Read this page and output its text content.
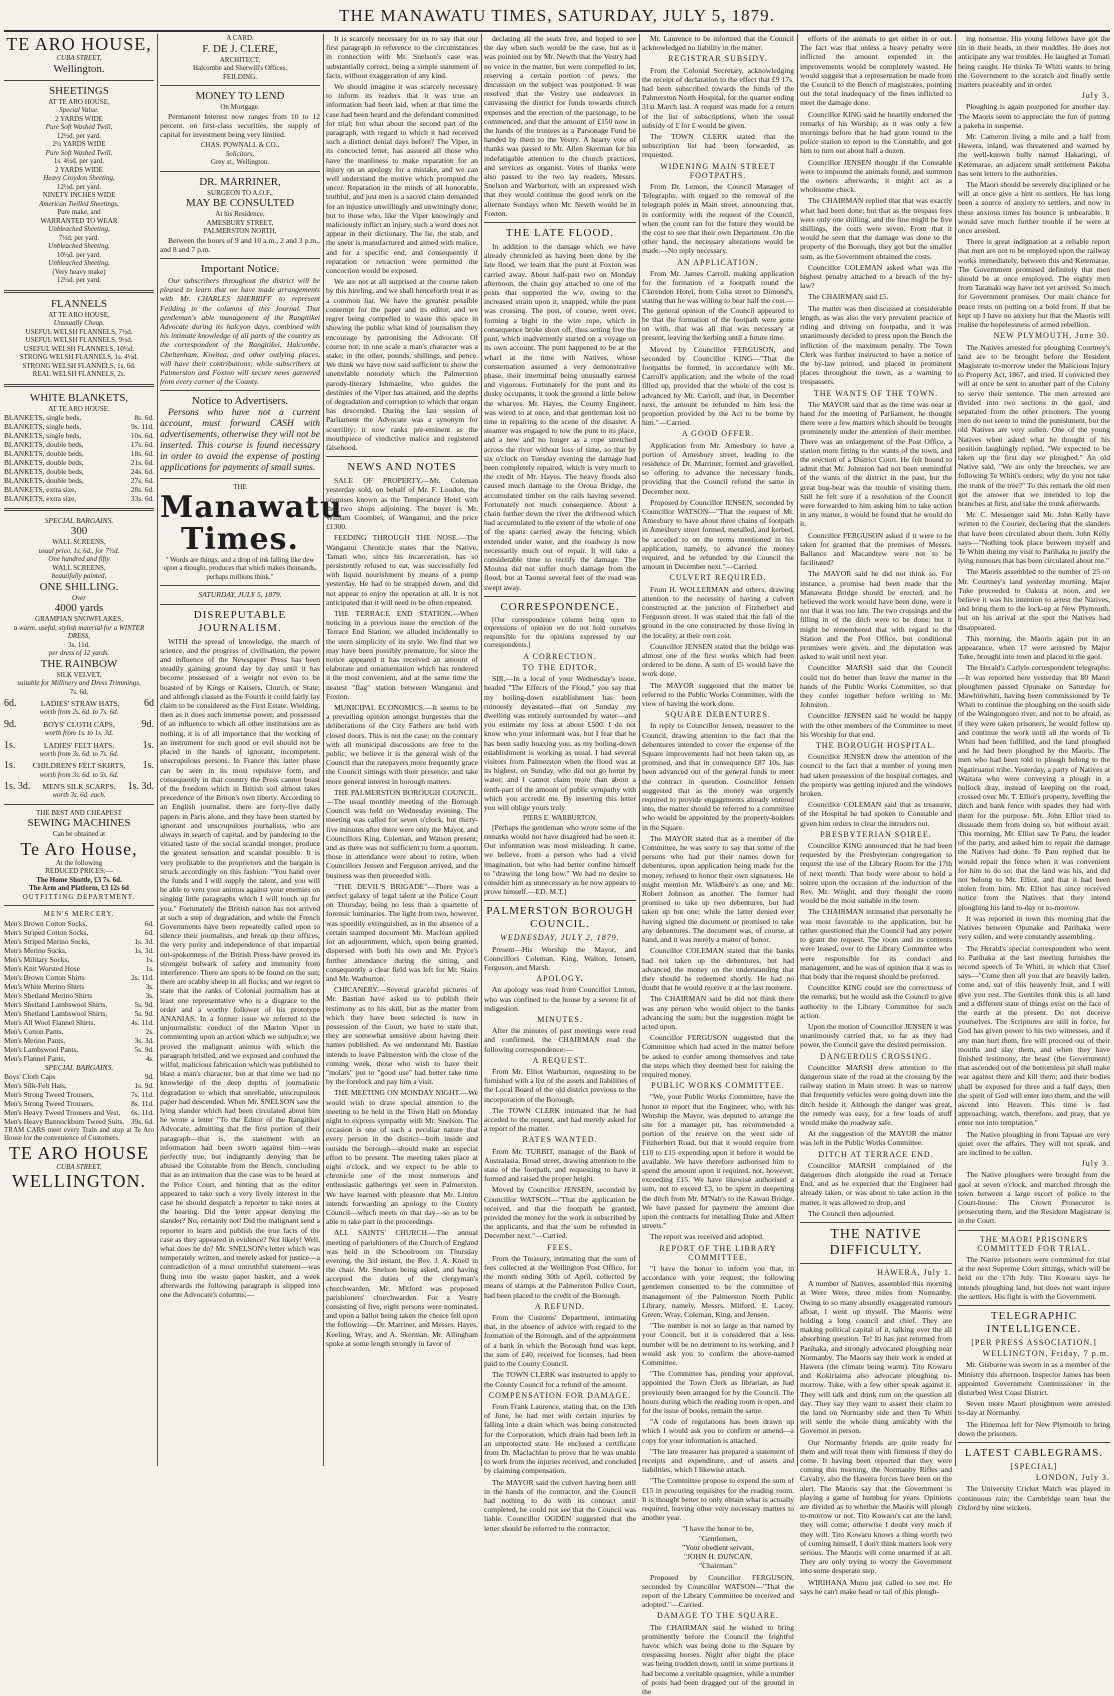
THE MANAWATU TIMES, SATURDAY, JULY 5, 1879.
TE ARO HOUSE,
CUBA STREET,
Wellington.
SHEETINGS
AT TE ARO HOUSE,
Special Value.
2 YARDS WIDE
Pure Soft Washed Twill,
12½d. per yard.
2¼ YARDS WIDE
Pure Soft Washed Twill,
1s. 4½d. per yard.
2 YARDS WIDE
Heavy Croydon Sheeting,
12½d. per yard.
NINETY INCHES WIDE
American Twilled Sheetings,
Pure make, and
WARRANTED TO WEAR
Unbleached Sheeting,
7½d. per yard.
Unbleached Sheeting,
10½d. per yard.
Unbleached Sheeting,
(Very heavy make)
12½d. per yard.
FLANNELS
AT TE ARO HOUSE,
Unusually Cheap.
USEFUL WELSH FLANNELS, 7½d.
USEFUL WELSH FLANNELS, 9½d.
USEFUL WELSH FLANNELS, 10½d.
STRONG WELSH FLANNELS, 1s. 4½d.
STRONG WELSH FLANNELS, 1s. 6d.
REAL WELSH FLANNELS, 2s.
WHITE BLANKETS,
AT TE ARO HOUSE.
BLANKETS, single beds,	8s. 6d.
BLANKETS, single beds,	9s. 11d.
BLANKETS, single beds,	10s. 6d.
BLANKETS, double beds,	17s. 6d.
BLANKETS, double beds,	18s. 6d.
BLANKETS, double beds,	21s. 6d.
BLANKETS, double beds,	24s. 6d.
BLANKETS, double beds,	27s. 6d.
BLANKETS, extra size,	28s. 6d.
BLANKETS, extra size,	33s. 6d.
SPECIAL BARGAINS.
300
WALL SCREENS,
usual price, 1s. 6d., for 7½d.
One hundred and fifty
WALL SCREENS,
beautifully painted,
ONE SHILLING.
Over
4000 yards
GRAMPIAN SNOWFLAKES,
a warm, useful, stylish material for a WINTER DRESS,
3s. 11d.
per dress of 12 yards.
THE RAINBOW
SILK VELVET,
suitable for Millinery and Dress Trimmings,
7s. 6d.
6d.	LADIES' STRAW HATS, 6d
worth from 2s. 6d. to 7s. 6d.
9d.	BOYS' CLOTH CAPS,	9d.
worth from 1s. to 1s. 3d.
1s.	LADIES' FELT HATS,	1s.
worth from 3s. 6d. to 7s. 6d.
1s. CHILDREN'S FELT SKIRTS, 1s.
worth from 3s. 6d. to 5s. 6d.
1s. 3d. MEN'S SILK SCARFS, 1s. 3d.
worth 3s. 6d. each.
THE BEST AND CHEAPEST
SEWING MACHINES
Can be obtained at
Te Aro House,
At the following
REDUCED PRICES:—
The Home Shuttle, £3 7s. 6d.
The Arm and Platform, £3 12s 6d
OUTFITTING DEPARTMENT.
MEN'S MERCERY.
Men's Brown Cotton Socks,	6d.
Men's Striped Cotton Socks,	6d.
Men's Striped Merino Socks,	1s. 3d.
Men's Merino Socks,	1s. 3d.
Men's Military Socks,	1s.
Men's Knit Worsted Hose	1s.
Men's Brown Cotton Shirts	2s. 11d.
Men's White Merino Shirts	3s.
Men's Shetland Merino Shirts	3s.
Men's Shetland Lambswool Shirts,	5s. 9d.
Men's Shetland Lambswool Shirts,	5s. 9d.
Men's All Wool Flannel Shirts,	4s. 11d.
Men's Cotton Pants,	2s.
Men's Merino Pants,	3s. 3d.
Men's Lambswool Pants,	5s. 9d.
Men's Flannel Pants,	4s.
SPECIAL BARGAINS.
Boys' Cloth Caps	9d.
Men's Silk-Felt Hats,	1s. 9d.
Men's Strong Tweed Trousers,	7s. 11d.
Men's Strong Tweed Trousers,	8s. 11d.
Men's Heavy Tweed Trousers and Vest, 6s. 11d.
Men's Heavy Bannockburn Tweed Suits, 39s. 6d.
TRAM CARS meet every Train and stop at Te Aro House for the convenience of Customers.
TE ARO HOUSE
CUBA STREET,
WELLINGTON.
A CARD.
F. DE J. CLERE,
ARCHITECT,
Halcombe and Sherwill's Offices,
FEILDING.
MONEY TO LEND
On Mortgage.

Permanent Interest now ranges from 10 to 12 percent. on first-class securities, the supply of capital for investment being very limited.

CHAS. POWNALL & CO.,
Solicitors,
Grey st., Wellington.
DR. MARRINER,
SURGEON TO A.O.F.,
MAY BE CONSULTED
At his Residence,
AMESBURY STREET,
PALMERSTON NORTH,

Between the hours of 9 and 10 a.m., 2 and 3 p.m., and 8 and 7 p.m.

Important Notice.

Our subscribers throughout the district will be pleased to learn that we have made arrangements with Mr. CHARLES SHERRIFF to represent Feilding in the columns of this Journal. That gentleman's able management of the Rangitikei Advocate during its halcyon days, combined with his intimate knowledge of all parts of the country as the correspondent of the Rangitikei, Halcombe, Cheltenham, Kiwitea, and other outlying places, will have their contributions; while subscribers at Palmerston and Foxton will secure news garnered from every corner of the County.

Notice to Advertisers.

Persons who have not a current account, must forward CASH with advertisements, otherwise they will not be inserted. This course is found necessary in order to avoid the expense of posting applications for payments of small sums.

THE
Manawatu Times.
" Words are things, and a drop of ink falling like dew upon a thought, produces that which makes thousands, perhaps millions think."
SATURDAY, JULY 5, 1879.
DISREPUTABLE JOURNALISM.

WITH the spread of knowledge, the march of science, and the progress of civilisation, the power and influence of the Newspaper Press has been steadily gaining ground day by day until it has become possessed of a weight not even to be boasted of by Kings or Kaisers, Church, or State; and although classed as the Fourth it could fairly lay claim to be considered as the First Estate. Wielding, then as it does such immense power, and possessed of an influence to which all other institutions are as nothing, it is of all importance that the working of an instrument for such good or evil should not be placed in the hands of ignorant, incompetent, unscrupulous persons. In France this latter phase can be seen in its most repulsive form, and consequently in that country the Press cannot boast of the freedom which in British soil almost takes precedence of the Briton's own liberty. According to an English journalist, there are forty-five daily papers in Paris alone, and they have been started by ignorant and unscrupulous journalists, who are always in search of capital, and by pandering to the vitiated taste of the social scandal monger, produce the greatest sensation and scandal possible. It is very profitable to the proprietors and the bargain is struck accordingly on this fashion: "You hand over the funds and I will supply the talent, and you will be able to vent your animus against your enemies on singing little paragraphs which I will touch up for you." Fortunately the British nation has not arrived at such a step of degradation, and while the French Governments have been repeatedly called upon to silence their journalists, and break up their offices, the very purity and independence of that impartial out-spokenness of the British Press have proved its strongest bulwark of safety and immunity from interference. There are spots to be found on the sun; there are scabby sheep in all flocks; and we regret to state that the ranks of Colonial journalism has at least one representative who is a disgrace to the order and a worthy follower of his prototype ANANIAS. In a former issue we referred to the unjournalistic conduct of the Marton Viper in commenting upon an action which we subjudice; we proved the malignant animus with which the paragraph bristled, and we exposed and confuted the wilful, malicious fabrication which was published to blast a man's character, but at that time we had no knowledge of the deep depths of journalistic degradation to which that unreliable, unscrupulous paper had descended. When Mr. SNELSON saw the lying slander which had been circulated about him he wrote a letter "To the Editor of the Rangitikei Advocate, admitting that the first portion of their paragraph—that is, the statement with an information had been sworn against him—was perfectly true, but indignantly denying that he abused the Constable from the Bench, concluding that as an intimation that the case was to be heard at the Police Court, and hinting that as the editor appeared to take such a very lively interest in the case he should despatch a reporter to take notes at the hearing. Did the letter appear denying the slander? No, certainly not! Did the malignant send a reporter to learn and publish the true facts of the case as they appeared in evidence? Not likely! Well, what does he do? Mr. SNELSON's letter which was temperately written, and merely asked for justice—a contradiction of a most untruthful statement—was flung into the waste paper basket, and a week afterwards the following paragraph is slipped into one the Advocate's columns:—

It is scarcely necessary for us to say that our first paragraph in reference to the circumstances in connection with Mr. Snelson's case was substantially correct, being a simple statement of facts, without exaggeration of any kind.

We should imagine it was scarcely necessary to inform its readers that it was true an information had been laid, when at that time the case had been heard and the defendant committed for trial; but what about the second part of the paragraph, with regard to which it had received such a distinct denial days before? The Viper, in its concocted letter, has assured all those who have the manliness to make reparation for an injury on an apology for a mistake, and we can well understand the motive which prompted the uncer. Reparation in the minds of all honorable, truthful, and just men is a sacred claim demanded for an injustice unwillingly and unwittingly done; but to those who, like the Viper knowingly and maliciously inflict an injury, such a word does not appear in their dictionary. The lie, the stab, and the sneer is manufactured and aimed with malice, and for a specific end, and consequently if reparation or retraction were permitted the concoction would be exposed.

We are not at all surprised at the course taken by this hireling, and we shall henceforth treat it as a common liar. We have the greatest possible contempt for the paper and its editor, and we regret being compelled to waste this space in showing the public what kind of journalism they encourage by patronising the Advocate. Of course not; in one scale a man's character was a stake; in the other, pounds, shillings, and pence. We think we have now said sufficient to show the unenviable notoriety which the Palmerston parody-literary Ishmaelite, who guides the destinies of the Viper has attained, and the depths of degradation and corruption to which that organ has descended. During the last session of Parliament the Advocate was a synonym for scurrility; it now ranks pre-eminent as the mouthpiece of vindictive malice and registered falsehood.

NEWS AND NOTES

SALE OF PROPERTY.—Mr. Coleman yesterday sold, on behalf of Mr. F. Loudon, the premises known as the Temperance Hotel with the two shops adjoining. The buyer is Mr. William Coombes, of Wanganui, and the price £1300.

FEEDING THROUGH THE NOSE.—The Wanganui Chronicle states that the Native, Tamati who, since his incarceration, has so persistently refused to eat, was successfully fed with liquid nourishment by means of a pump yesterday. He had to be strapped down, and did not appear to enjoy the operation at all. It is not anticipated that it will need to be often repeated.

THE TERRACE END STATION.—When noticing in a previous issue the erection of the Terrace End Station, we alluded incidentally to the stern simplicity of its style. We find that we may have been possibly premature, for since the notice appeared it has received an amount of elaborate and ornamentation which has rendered it the most convenient, and at the same time the neatest "flag" station between Wanganui and Foxton.

MUNICIPAL ECONOMICS.—It seems to be a prevailing opinion amongst burgesses that the deliberations of the City Fathers are held with closed doors. This is not the case; on the contrary with all municipal discussions are free to the public, we believe it is the general wish of the Council that the ratepayers more frequently grace the Council sittings with their presence, and take more general interest in borough matters.

THE PALMERSTON BOROUGH COUNCIL.—The usual monthly meeting of the Borough Council was held on Wednesday evening. The meeting was called for seven o'clock, but thirty-five minutes after there were only the Mayor, and Councillors King, Coleman, and Watson present; and as there was not sufficient to form a quorum, those in attendance were about to retire, when Councillors Jensen and Ferguson arrived, and the business was then proceeded with.

"THE DEVIL'S BRIGADE"—There was a perfect galaxy of legal talent at the Police Court on Thursday, being no less than a quartette of forensic luminaries. The light from two, however, was speedily extinguished, as in the absence of a certain stamped document Mr. Maclean applied for an adjournment, which, upon being granted, dispersed with both his own and Mr. Pryce's further attendance during the sitting, and consequently a clear field was left for Mr. Stairs and Mr. Warburton.

CHICANERY.—Several graceful pictures of Mr. Bastian have asked us to publish their testimony as to his skill, but as the matter from which they have been selected is now in possession of the Court, we have to state that, they are somewhat sensitive about having their names published. As we understand Mr. Bastian intends to leave Palmerston with the close of the coming week, those who wish to have their "molars" put to "good use" had better take time by the forelock and pay him a visit.

THE MEETING ON MONDAY NIGHT.—We would wish to draw special attention to the meeting to be held in the Town Hall on Monday night to express sympathy with Mr. Snelson. The occasion is one of such a peculiar nature that every person in the district—both inside and outside the borough—should make an especial effort to be present. The meeting takes place at eight o'clock, and we expect to be able to chronicle one of the most numerous and enthusiastic gatherings yet seen in Palmerston. We have learned with pleasure that Mr. Linton intends forwarding an apology to the County Council—which meets on that day—so as to be able to take part in the proceedings.

ALL SAINTS' CHURCH.—The annual meeting of parishioners of the Church of England was held in the Schoolroom on Thursday evening, the 3rd instant, the Rev. J. A. Knell in the chair. Mr. Snelson being asked, and having accepted the duties of the clergyman's churchwarden, Mr. Mitford was proposed parishioners' churchwarden. For a Vestry consisting of five, eight persons were nominated, and upon a ballot being taken the choice fell upon the following:—Dr. Marriner, and Messrs. Hayes, Keeling, Wray, and A. Skerman. Mr. Allingham spoke at some length strongly in favor of

declaring all the seats free, and hoped to see the day when such would be the case, but as it was pointed out by Mr. Newth that the Vestry had no voice in the matter, but were compelled to let, reserving a certain portion of pews, the discussion on the subject was postponed. It was resolved that the Vestry use endeavors in canvassing the district for funds towards church expenses and the erection of the parsonage, to be commenced, and that the amount of £150 now in the hands of the trustees as a Parsonage Fund be handed by them to the Vestry. A hearty vote of thanks was passed to Mr. Allen Skerman for his indefatigable attention to the church practices, and services as organist. Votes of thanks were also passed to the two lay readers, Messrs. Snelson and Warburton, with an expressed wish that they would continue the good work on the alternate Sundays when Mr. Newth would be in Foxton.

THE LATE FLOOD.

In addition to the damage which we have already chronicled as having been done by the late flood, we learn that the punt at Foxton was carried away. About half-past two on Monday afternoon, the chain guy attached to one of the posts that supported the w'e, owing to the increased strain upon it, snapped, while the punt was crossing. The post, of course, went over, forming a bight in the wire rope, which in consequence broke short off, thus setting free the punt, which inadvertently started on a voyage on its own account. The punt happened to be at the wharf at the time with Natives, whose consternation assumed a very demonstrative phase, their intermittal being unusually earnest and vigorous. Fortunately for the punt and its dusky occupants, it took the ground a little below the wharves. Mr. Hayes, the County Engineer, was wired to at once, and that gentleman lost no time in repairing to the scene of the disaster. A steamer was engaged to tow the punt to its place, and a new and no longer as a rope stretched across the river without loss of time, so that by six o'clock on Tuesday evening the damage had been completely repaired, which is very much to the credit of Mr. Hayes. The heavy floods also caused much damage to the Oroua Bridge, the accumulated timber on the rails having severed. Fortunately not much consequence. About a chain further down the river the driftwood which had accumulated to the extent of the whole of one of the spans carried away the fencing which extended under water, and the roadway is now necessarily much out of repair. It will take a considerable time to rectify the damage. The Moutoa did not suffer much damage from the flood, but at Taonui several feet of the road was swept away.

CORRESPONDENCE.

[Our correspondence column being open to expressions of opinion we do not hold ourselves responsible for the opinions expressed by our correspondents.]

A CORRECTION.
TO THE EDITOR.

SIR,—In a local of your Wednesday's issue, headed "The Effects of the Flood," you say that my boiling-down establishment has been ruinously devastated—that on Sunday my dwelling was entirely surrounded by water—and you estimate my loss at about £500. I do not know who your informant was, but I fear that he has been sadly hoaxing you, as my boiling-down establishment is working as usual. I had several visitors from Palmerston when the flood was at its highest, on Sunday, who did not go home by water; and I cannot claim more than about a tenth-part of the amount of public sympathy with which you accredit me. By inserting this letter you will oblige yours truly

PIERS E. WARBURTON.

[Perhaps the gentleman who wrote some of the remarks would not have disagreed had he seen it. Our information was most misleading. It came, we believe, from a person who had a vivid imagination, but who had better confine himself to "drawing the long bow." We had no desire to consider him as unnecessary as he now appears to prove himself.—ED. M.T.]

PALMERSTON BOROUGH COUNCIL.
WEDNESDAY, JULY 2, 1879.

Present—His Worship the Mayor, and Councillors Coleman, King, Walton, Jensen, Ferguson, and Marsh.

APOLOGY.

An apology was read from Councillor Linton, who was confined to the house by a severe fit of indigestion.

MINUTES.

After the minutes of past meetings were read and confirmed, the CHAIRMAN read the following correspondence:—

A REQUEST.

From Mr. Elliot Warburton, requesting to be furnished with a list of the assets and liabilities of the Local Board of the old district previous to the incorporation of the Borough.

The TOWN CLERK intimated that he had acceded to the request, and had merely asked for a report of the matter.

RATES WANTED.

From Mr. TURBIT, manager of the Bank of Australasia, Broad street, drawing attention to the state of the footpath, and requesting to have it formed and raised the proper height.

Moved by Councillor JENSEN, seconded by Councillor WATSON—"That the application be received, and that the footpath be granted, provided the money for the work is subscribed by the applicants, and that the sum be refunded in December next."—Carried.

FEES.

From the Treasury, intimating that the sum of fees collected at the Wellington Post Office, for the month ending 30th of April, collected by means of stamps at the Palmerston Police Court, had been placed to the credit of the Borough.

A REFUND.

From the Customs' Department, intimating that, in the absence of advice with regard to the formation of the Borough, and of the appointment of a bank in which the Borough fund was kept, the sum of £40, received for licenses, had been paid to the County Council.

The TOWN CLERK was instructed to apply to the County Council for a refund of the amount.

COMPENSATION FOR DAMAGE.

From Frank Laurence, stating that, on the 13th of June, he had met with certain injuries by falling into a drain which was being constructed for the Corporation, which drain had been left in an unprotected state. He enclosed a certificate from Dr. Maclachlan to prove that he was unable to work from the injuries received, and concluded by claiming compensation.

The MAYOR said the culvert having been still in the hands of the contractor, and the Council had nothing to do with its contract until completed, he could not see that the Council was liable. Councillor OGDEN suggested that the letter should be referred to the contractor,

Mr. Laurence to be informed that the Council acknowledged no liability in the matter.

REGISTRAR SUBSIDY.

From the Colonial Secretary, acknowledging the receipt of declaration to the effect that £9 17s. had been subscribed towards the funds of the Palmerston North Hospital, for the quarter ending 31st March last. A request was made for a return of the list of subscriptions, when the usual subsidy of £ for £ would be given.

The TOWN CLERK stated that the subscription list had been forwarded, as requested.

WIDENING MAIN STREET FOOTPATHS.

From Dr. Lemon, the Council Manager of Telegraphs, with regard to the removal of the telegraph poles in Main street, announcing that, in conformity with the request of the Council, when the count ran for the future they would be the cost to see that their own Department. On the other hand, the necessary alterations would be made.—No reply necessary.

AN APPLICATION.

From Mr. James Carroll, making application for the formation of a footpath round the Clarendon Hotel, from Cuba street to Dimond's, stating that he was willing to bear half the cost.—The general opinion of the Council appeared to be that the formation of the footpath were gone on with, that was all that was necessary at present, leaving the kerbing until a future time.

Moved by Councillor FERGUSON, and seconded by Councillor KING—"That the footpaths be formed, in accordance with Mr. Carroll's application, and the whole of the road filled up, provided that the whole of the cost is advanced by Mr. Carroll, and that, in December next, the amount be refunded to him less the proportion provided by the Act to be borne by him."—Carried.

A GOOD OFFER.

Application from Mr. Amesbury to have a portion of Amesbury street, leading to the residence of Dr. Marriner, formed and gravelled, so offering to advance the necessary funds, providing that the Council refund the same in December next.

Proposed by Councillor JENSEN, seconded by Councillor WATSON—"That the request of Mr. Amesbury to have about three chains of footpath in Amesbury street formed, metalled, and kerbed, be acceded to on the terms mentioned in his application, namely, to advance the money required, and be refunded by the Council the amount in December next."—Carried.

CULVERT REQUIRED.

From H. WOLLERMAN and others, drawing attention to the necessity of having a culvert constructed at the junction of Fitzherbert and Ferguson street. It was stated that the fall of the ground in the one constructed by those living in the locality, at their own cost.

Councillor JENSEN stated that the bridge was almost one of the first works which had been ordered to be done. A sum of £5 would have the work done.

The MAYOR suggested that the matter be referred to the Public Works Committee, with the view of having the work done.

SQUARE DEBENTURES.

In reply to Councillor Jensen, treasurer to the Council, drawing attention to the fact that the debentures intended to cover the expense of the Square improvements had not been taken up, as promised, and that in consequence £87 10s. has been advanced out of the general funds to meet the contract in question. Councillor Jensen suggested that as the money was urgently required to provide engagements already entered into, the matter should be referred to a committee who would be appointed by the property-holders in the Square.

The MAYOR stated that as a member of the Committee, he was sorry to say that some of the persons who had put their names down for debentures, upon application being made for the money, refused to honor their own signatures. He might mention Mr. Wildbore's as one, and Mr. Robert Johnson as another. The former had promised to take up two debentures, but had taken up but one; while the latter denied ever having signed the document or promised to take any debentures. The document was, of course, at hand, and it was merely a matter of honor.

Councillor COLEMAN stated that the banks had not taken up the debentures, but had advanced the money on the understanding that they should be redeemed shortly. He had no doubt that he would receive it at the last moment.

The CHAIRMAN said he did not think there was any person who would object to the banks advancing the sum; but the suggestion might be acted upon.

Councillor FERGUSON suggested that the Committee which had acted in the matter before be asked to confer among themselves and take the steps which they deemed best for raising the required money.

PUBLIC WORKS COMMITTEE.

"We, your Public Works Committee, have the honor to report that the Engineer, who, with his Worship the Mayor, was deputed to arrange the site for a manager pit, has recommended a portion of the reserve on the west side of Fitzherbert Road, but that it would require from £10 to £15 expending upon it before it would be available. We have therefore authorised him to spend the amount upon it required, not, however, exceeding £15. We have likewise authorised a sum, not to exceed £3, to be spent in deepening the ditch from Mr. M'Nab's to the Kawau Bridge. We have passed for payment the amount due upon the contracts for metalling Duke and Albert streets."

The report was received and adopted.

REPORT OF THE LIBRARY COMMITTEE.

"I have the honor to inform you that, in accordance with your request, the following gentlemen consented to be the committee of management of the Palmerston North Public Library, namely, Messrs. Mitford, E. Lacey, Green, Wray, Coleman, King, and Jensen.

"The number is not so large as that named by your Council, but it is considered that a less number will be no detriment to its working, and I would ask you to confirm the above-named Committee.

"The Committee has, pending your approval, appointed the Town Clerk as librarian, as had previously been arranged for by the Council. The hours during which the reading room is open, and for the issue of books, remain the same.

"A code of regulations has been drawn up which I would ask you to confirm or amend—a copy for your information is attached.

"The late treasurer has prepared a statement of receipts and expenditure, and of assets and liabilities, which I likewise attach.

"The Committee propose to expend the sum of £15 in procuring requisites for the reading room. It is thought better to only obtain what is actually required, leaving other very necessary matters to another year.

"I have the honor to be,
"Gentlemen,
"Your obedient servant,
"JOHN H. DUNCAN,
"Chairman."

Proposed by Councillor FERGUSON, seconded by Councillor WATSON—"That the report of the Library Committee be received and adopted."—Carried.

DAMAGE TO THE SQUARE.

The CHAIRMAN said he wished to bring prominently before the Council the frightful havoc which was being done to the Square by trespassing horses. Night after night the place was being trodden down, until in some portions it had become a veritable quagmire, while a number of posts had been dragged out of the ground in the

efforts of the animals to get either in or out. The fact was that unless a heavy penalty were inflicted the amount expended in the improvements would be completely wasted. He would suggest that a representation be made from the Council to the Bench of magistrates, pointing out the total inadequacy of the fines inflicted to meet the damage done.

Councillor KING said he heartily endorsed the remarks of his Worship, as it was only a few mornings before that he had gone round to the police station to report to the Constable, and got him to turn out about half a dozen.

Councillor JENSEN thought if the Constable were to impound the animals found, and summon the owners afterwards, it might act as a wholesome check.

The CHAIRMAN replied that that was exactly what had been done; but that as the trespass fees were only one shilling, and the fine might be five shillings, the costs were seven. From that it would be seen that the damage was done to the property of the Borough, they got but the smaller sum, as the Government obtained the costs.

Councillor COLEMAN asked what was the highest penalty attached to a breach of the by-law?

The CHAIRMAN said £5.

The matter was then discussed at considerable length, as was also the very prevalent practice of riding and driving on footpaths, and it was unanimously decided to press upon the Bench the infliction of the maximum penalty. The Town Clerk was further instructed to have a notice of the by-law printed, and placed in prominent places throughout the town, as a warning to trespassers.

THE WANTS OF THE TOWN.

The MAYOR said that as the time was near at hand for the meeting of Parliament, he thought there were a few matters which should be brought prominently under the attention of their member. There was an enlargement of the Post Office, a station more fitting to the wants of the town, and the erection of a District Court. He felt bound to admit that Mr. Johnston had not been unmindful of the wants of the district in the past, but the great bug-bear was the trouble of visiting them. Still he felt sure if a resolution of the Council were forwarded to him asking him to take action in any matter, it would be found that he would do it.

Councillor FERGUSON asked if it were to be taken for granted that the premises of Messrs. Ballance and Macandrew were not to be facilitated?

The MAYOR said he did not think so. For instance, a promise had been made that the Manawatu Bridge should be erected, and he believed the work would have been done, were it not that it was too late. The two crossings and the filling in of the ditch were to be done; but it might be remembered that with regard to the Station and the Post Office, but conditional promises were given, and the deputation was asked to wait until next year.

Councillor MARSH said that the Council could not do better than leave the matter in the hands of the Public Works Committee, so that they confer together before writing to Mr. Johnston.

Councillor JENSEN said he would be happy with the other members of the Committee to meet his Worship for that end.

THE BOROUGH HOSPITAL.

Councillor JENSEN drew the attention of the council to the fact that a number of young men had taken possession of the hospital cottages, and the property was getting injured and the windows broken.

Councillor COLEMAN said that as treasurer, of the Hospital he had spoken to Constable and given him orders to clear the intruders out.

PRESBYTERIAN SOIREE.

Councillor KING announced that he had been requested by the Presbyterian congregation to request the use of the Library Room for the 17th of next month. That body were about to hold a soiree upon the occasion of the induction of the Rev. Mr. Wright, and they thought the room would be the most suitable in the town.

The CHAIRMAN intimated that personally he was most favorable to the application, but he rather questioned that the Council had any power to grant the request. The room and its contents were leased, over to the Library Committee who were responsible for its conduct and management, and he was of opinion that it was to that body that the request should be preferred.

Councillor KING could see the correctness of the remarks, but he would ask the Council to give authority to the Library Committee for such action.

Upon the motion of Councillor JENSEN it was unanimously carried that, so far as they had power, the Council gave the desired permission.

DANGEROUS CROSSING.

Councillor MARSH drew attention to the dangerous state of the road at the crossing by the railway station in Main street. It was so narrow that frequently vehicles were going down into the ditch beside it. Although the danger was great, the remedy was easy, for a few loads of stuff would make the roadway safe.

At the suggestion of the MAYOR the matter was left in the Public Works Committee.

DITCH AT TERRACE END.

Councillor MARSH complained of the dangerous ditch alongside the road at Terrace End, and as he expected that the Engineer had already taken, or was about to take action in the matter, it was allowed to drop, and

The Council then adjourned.

THE NATIVE DIFFICULTY.
HAWERA, July 1.

A number of Natives, assembled this morning at Were Were, three miles from Normanby. Owing to so many absurdly exaggerated rumours afloat, I went up myself. The Maoris were holding a long council and chief. They are making political capital of it, talking over the all absorbing question. Te! Iti has just returned from Parihaka, and strongly advocated ploughing near Normanby. The Maoris say their work is ended at Hawera (the climate being warm). Tito Kowaru and Kokiriaima also advocate ploughing to-morrow. Tuke, with a few other speak against it. They will talk and drink rum on the question all day. They say they want to assert their claim to the land on Normanby side and then Te Whiti will settle the whole thing amicably with the Governor in person.

Our Normanby friends are quite ready for them and will treat them with firmness if they do come. It having been reported that they were coming this morning, the Normanby Rifles and Cavalry, also the Hawera forces have been on the alert. The Maoris say that the Government is playing a game of humbug for years. Opinions are divided as to whether the Maoris will plough to-morrow or not. Tito Kowaru's cat ate the land; they will come; otherwise I doubt very much if they will. Tito Kowaru knows a thing worth two of coming himself, I don't think matters look very serious. The Maoris will come unarmed if at all. They are only trying to worry the Government into some desperate step.

WIRIHANA Munu just called to see me. He says he can't make head or tail of this plough-

ing nonsense. His young fellows have got the tin in their heads, in their muddles. He does not anticipate any war troubles. He laughed at Tomati being caught. He thinks Te Whiti wants to bring the Government to the scratch and finally settle matters peaceably and in order.

July 3.

Ploughing is again postponed for another day. The Maoris seem to appreciate the fun of putting a pakeha in suspense.

Mr. Cameron living a mile and a half from Hawera, inland, was threatened and warned by the well-known bully named Hakaringi, of Ketemarae, an adjacent small settlement Pakeha has sent letters to the authorities.

The Maori should be severely disciplined or he will at once give a hint to settlers. He has long been a source of anxiety to settlers, and now in these anxious times his bounce is unbearable. It would save much further trouble if he were at once arrested.

There is great indignation at a reliable report that men are not to be employed upon the railway works immediately, between this and Ketemarae. The Government promised definitely that men should be at once employed. The eighty men from Taranaki way have not yet arrived. So much for Government promises. Our main chance for peace rests on putting on a bold front. If that be kept up I have no anxiety but that the Maoris will realise the hopelessness of armed rebellion.

NEW PLYMOUTH, June 30.

The Natives arrested for ploughing Courtney's land are to be brought before the Resident Magistrate to-morrow under the Malicious Injury to Property Act, 1867, and tried. If convicted they will at once be sent to another part of the Colony to serve their sentence. The men arrested are divided into two sections in the gaol, and separated from the other prisoners. The young men do not seem to mind the punishment, but the old Natives are very sullen. One of the young Natives when asked what he thought of his position laughingly replied, "We expected to be taken up the first day we ploughed." An old Native said, "We are only the breeches, we are following Te Whiti's orders; why do you not take the trunk of the tree?" To this remark the old men got the answer that we intended to lop the branches at first, and take the trunk afterwards.

Mr. C. Messenger said Mr. John Kelly have written to the Courier, declaring that the slanders that have been circulated about them. John Kelly says—"Nothing took place between myself and Te Whiti during my visit to Parihaka to justify the lying rumours that has been circulated about me."

The Maoris assembled to the number of 25 on Mr. Courtney's land yesterday morning. Major Tuke proceeded to Oakura at noon, and we believe it was his intention to arrest the Natives, and bring them to the lock-up at New Plymouth, but on his arrival at the spot the Natives had disappeared.

This morning, the Maoris again put in an appearance, when 17 were arrested by Major Tuke, brought into town and placed in the gaol.

The Herald's Carlyle correspondent telegraphs:—It was reported here yesterday that 80 Maori ploughmen passed Opunake on Saturday for Mawhitiwhiti, having been commissioned by Te Whiti to continue the ploughing on the south side of the Waingongoro river, and not to be afraid, as if they were taken prisoners, he would follow up and continue the work until all the words of Te Whiti had been fulfilled, and the land ploughed and he had been ploughed by the Maoris. The men who had been told to plough belong to the Ngatiruanui tribe. Yesterday, a party of Natives at Waitara who were conveying a plough in a bullock dray, instead of keeping on the road, crossed over Mr. T. Elliot's property, levelling the ditch and bank fence with spades they had with them for the purpose. Mr. John Elliot tried to dissuade them from doing so, but without avail. This morning, Mr. Elliot saw Te Patu, the leader of the party, and asked him to repair the damage the Natives had done. Te Patu replied that he would repair the fence when it was convenient for him to do so; that the land was his, and did not belong to Mr. Elliot, and that it had been stolen from him. Mr. Elliot has since received notice from the Natives that they intend ploughing his land to-day or to-morrow.

It was reported in town this morning that the Natives between Opunake and Parihaka were very sullen, and were constantly assembling.

The Herald's special correspondent who went to Parihaka at the last meeting furnishes the second speech of Te Whiti, in which that Chief says—"Come then all you that are heavily laden, come and, eat of this heavenly fruit, and I will give you rest. The Gentiles think this is all land and a different state of things exist on the face of the earth at the present. Do not deceive yourselves. The Scriptures are still in force, for God has given power to his two witnesses, and if any man hurt them, fire will proceed out of their mouths and slay them, and when they have finished testimony, the beast (the Government) that ascended out of the bottomless pit shall make war against them and kill them; and their bodies shall be exposed for three and a half days; then the spirit of God will enter into them, and the will ascend into Heaven. This time is fast approaching; watch, therefore, and pray, that ye enter not into temptation."

The Native ploughing in front Tapuae are very quiet over the affairs. They will not speak, and are inclined to be sullen.

July 3.

The Native ploughers were brought from the gaol at seven o'clock, and marched through the town between a large escort of police to the Court-house. The Crown Prosecutor is prosecuting them, and the Resident Magistrate is in the Court.

THE MAORI PRISONERS COMMITTED FOR TRIAL.

The Native prisoners were committed for trial at the next Supreme Court sittings, which will be held on the 17th July. Tito Kowaru says he intends ploughing land, but does not want injure the settlers. His fight is with the Government.

TELEGRAPHIC INTELLIGENCE.
[PER PRESS ASSOCIATION.]
WELLINGTON, Friday, 7 p.m.

Mr. Gisborne was sworn in as a member of the Ministry this afternoon. Inspector James has been appointed Government Commissioner in the disturbed West Coast District.

Seven more Maori ploughmen were arrested to-day at Normanby.

The Hinemoa left for New Plymouth to bring down the prisoners.

LATEST CABLEGRAMS.
[SPECIAL]
LONDON, July 3.

The University Cricket Match was played in continuous rain; the Cambridge team beat the Oxford by nine wickets.
